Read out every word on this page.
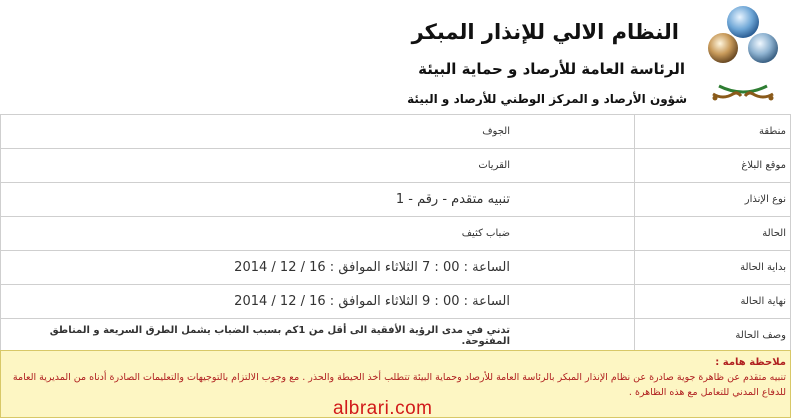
النظام الالي للإنذار المبكر
الرئاسة العامة للأرصاد و حماية البيئة
شؤون الأرصاد و المركز الوطني للأرصاد و البيئة
منطقة	الجوف
موقع البلاغ	القريات
نوع الإنذار	تنبيه متقدم - رقم - 1
الحالة	ضباب كثيف
بداية الحالة	الساعة : 00 : 7 الثلاثاء الموافق : 16 / 12 / 2014
نهاية الحالة	الساعة : 00 : 9 الثلاثاء الموافق : 16 / 12 / 2014
وصف الحالة	تدني في مدى الرؤية الأفقية الى أقل من 1كم بسبب الضباب يشمل الطرق السريعة و المناطق المفتوحة.
ملاحظة هامة :
تنبيه متقدم عن ظاهرة جوية صادرة عن نظام الإنذار المبكر بالرئاسة العامة للأرصاد وحماية البيئة تتطلب أخذ الحيطة والحذر . مع وجوب الالتزام بالتوجيهات والتعليمات الصادرة أدناه من المديرية العامة للدفاع المدني للتعامل مع هذه الظاهرة .
albrari.com
